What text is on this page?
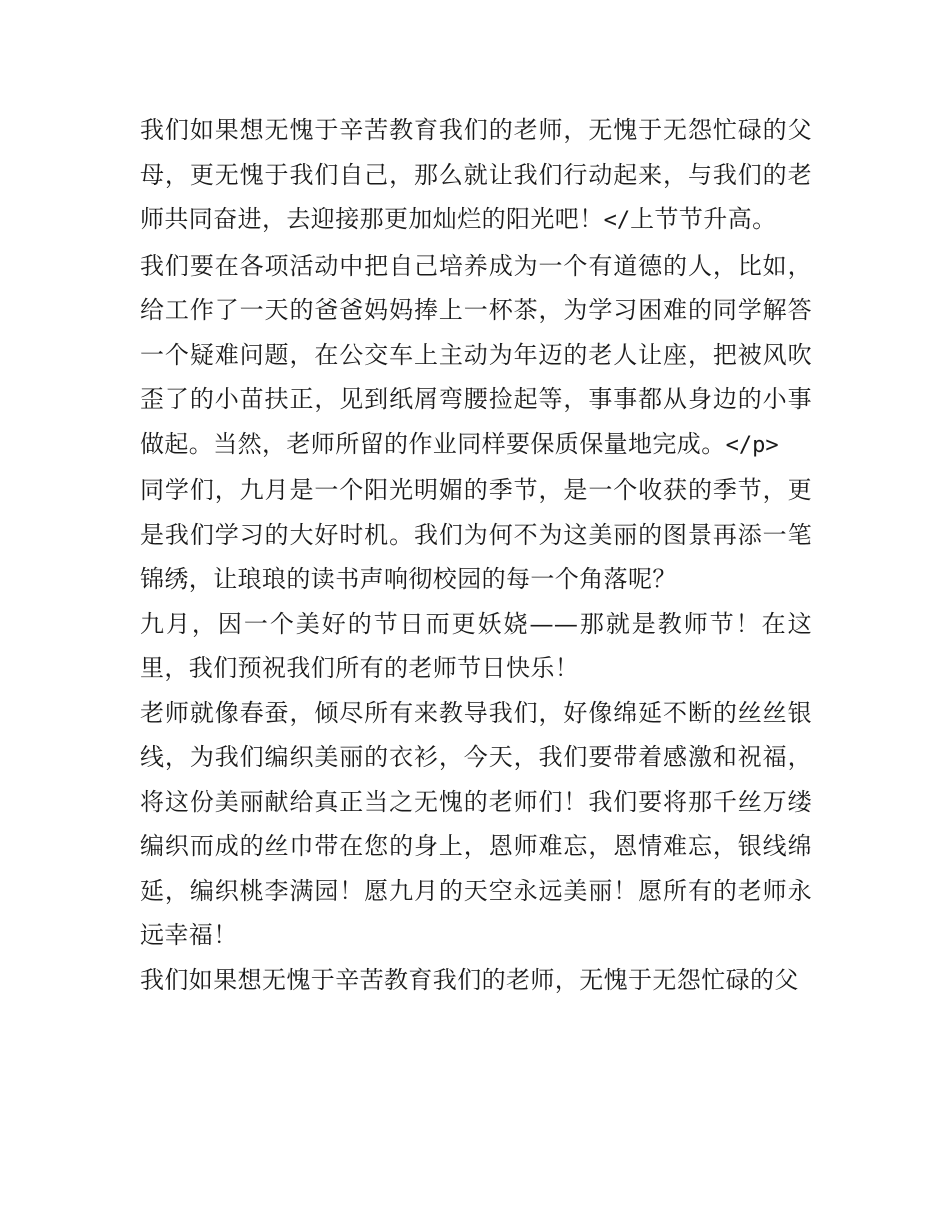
我们如果想无愧于辛苦教育我们的老师，无愧于无怨忙碌的父母，更无愧于我们自己，那么就让我们行动起来，与我们的老师共同奋进，去迎接那更加灿烂的阳光吧！</上节节升高。

我们要在各项活动中把自己培养成为一个有道德的人，比如，给工作了一天的爸爸妈妈捧上一杯茶，为学习困难的同学解答一个疑难问题，在公交车上主动为年迈的老人让座，把被风吹歪了的小苗扶正，见到纸屑弯腰捡起等，事事都从身边的小事做起。当然，老师所留的作业同样要保质保量地完成。</p>

同学们，九月是一个阳光明媚的季节，是一个收获的季节，更是我们学习的大好时机。我们为何不为这美丽的图景再添一笔锦绣，让琅琅的读书声响彻校园的每一个角落呢？

九月，因一个美好的节日而更妖娆——那就是教师节！在这里，我们预祝我们所有的老师节日快乐！

老师就像春蚕，倾尽所有来教导我们，好像绵延不断的丝丝银线，为我们编织美丽的衣衫，今天，我们要带着感激和祝福，将这份美丽献给真正当之无愧的老师们！我们要将那千丝万缕编织而成的丝巾带在您的身上，恩师难忘，恩情难忘，银线绵延，编织桃李满园！愿九月的天空永远美丽！愿所有的老师永远幸福！

我们如果想无愧于辛苦教育我们的老师，无愧于无怨忙碌的父
